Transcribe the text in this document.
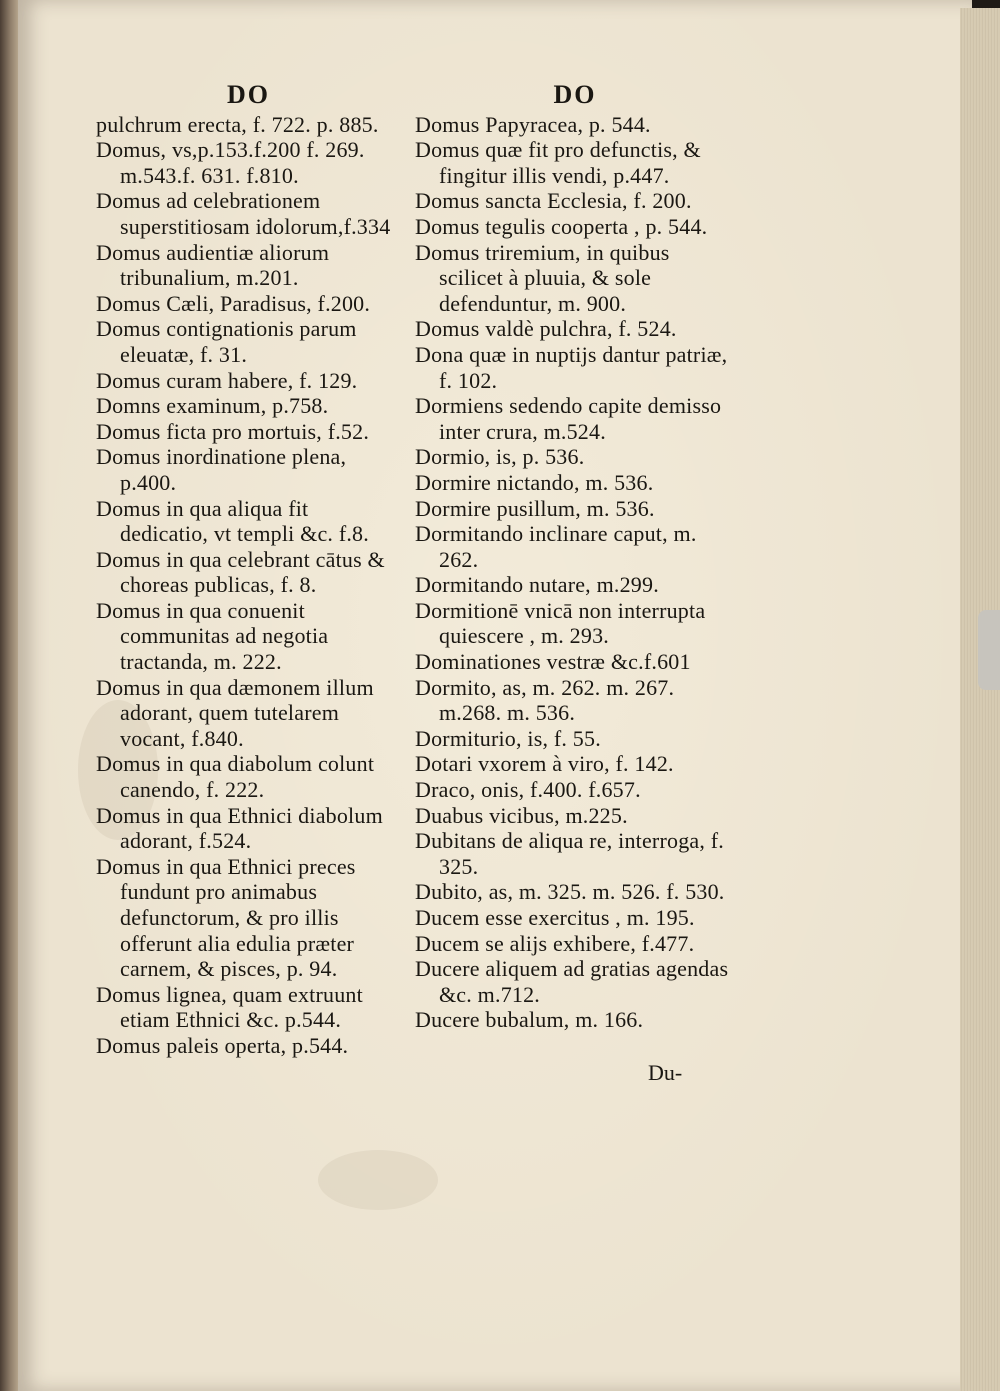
DO

pulchrum erecta, f. 722. p. 885.

Domus, vs,p.153.f.200 f. 269. m.543.f. 631. f.810.

Domus ad celebrationem superstitiosam idolorum,f.334

Domus audientiæ aliorum tribunalium, m.201.

Domus Cæli, Paradisus, f.200.

Domus contignationis parum eleuatæ, f. 31.

Domus curam habere, f. 129.

Domns examinum, p.758.

Domus ficta pro mortuis, f.52.

Domus inordinatione plena, p.400.

Domus in qua aliqua fit dedicatio, vt templi &c. f.8.

Domus in qua celebrant cātus & choreas publicas, f. 8.

Domus in qua conuenit communitas ad negotia tractanda, m. 222.

Domus in qua dæmonem illum adorant, quem tutelarem vocant, f.840.

Domus in qua diabolum colunt canendo, f. 222.

Domus in qua Ethnici diabolum adorant, f.524.

Domus in qua Ethnici preces fundunt pro animabus defunctorum, & pro illis offerunt alia edulia præter carnem, & pisces, p. 94.

Domus lignea, quam extruunt etiam Ethnici &c. p.544.

Domus paleis operta, p.544.

DO

Domus Papyracea, p. 544.

Domus quæ fit pro defunctis, & fingitur illis vendi, p.447.

Domus sancta Ecclesia, f. 200.

Domus tegulis cooperta , p. 544.

Domus triremium, in quibus scilicet à pluuia, & sole defenduntur, m. 900.

Domus valdè pulchra, f. 524.

Dona quæ in nuptijs dantur patriæ, f. 102.

Dormiens sedendo capite demisso inter crura, m.524.

Dormio, is, p. 536.

Dormire nictando, m. 536.

Dormire pusillum, m. 536.

Dormitando inclinare caput, m. 262.

Dormitando nutare, m.299.

Dormitionē vnicā non interrupta quiescere , m. 293.

Dominationes vestræ &c.f.601

Dormito, as, m. 262. m. 267. m.268. m. 536.

Dormiturio, is, f. 55.

Dotari vxorem à viro, f. 142.

Draco, onis, f.400. f.657.

Duabus vicibus, m.225.

Dubitans de aliqua re, interroga, f. 325.

Dubito, as, m. 325. m. 526. f. 530.

Ducem esse exercitus , m. 195.

Ducem se alijs exhibere, f.477.

Ducere aliquem ad gratias agendas &c. m.712.

Ducere bubalum, m. 166.

Du-
